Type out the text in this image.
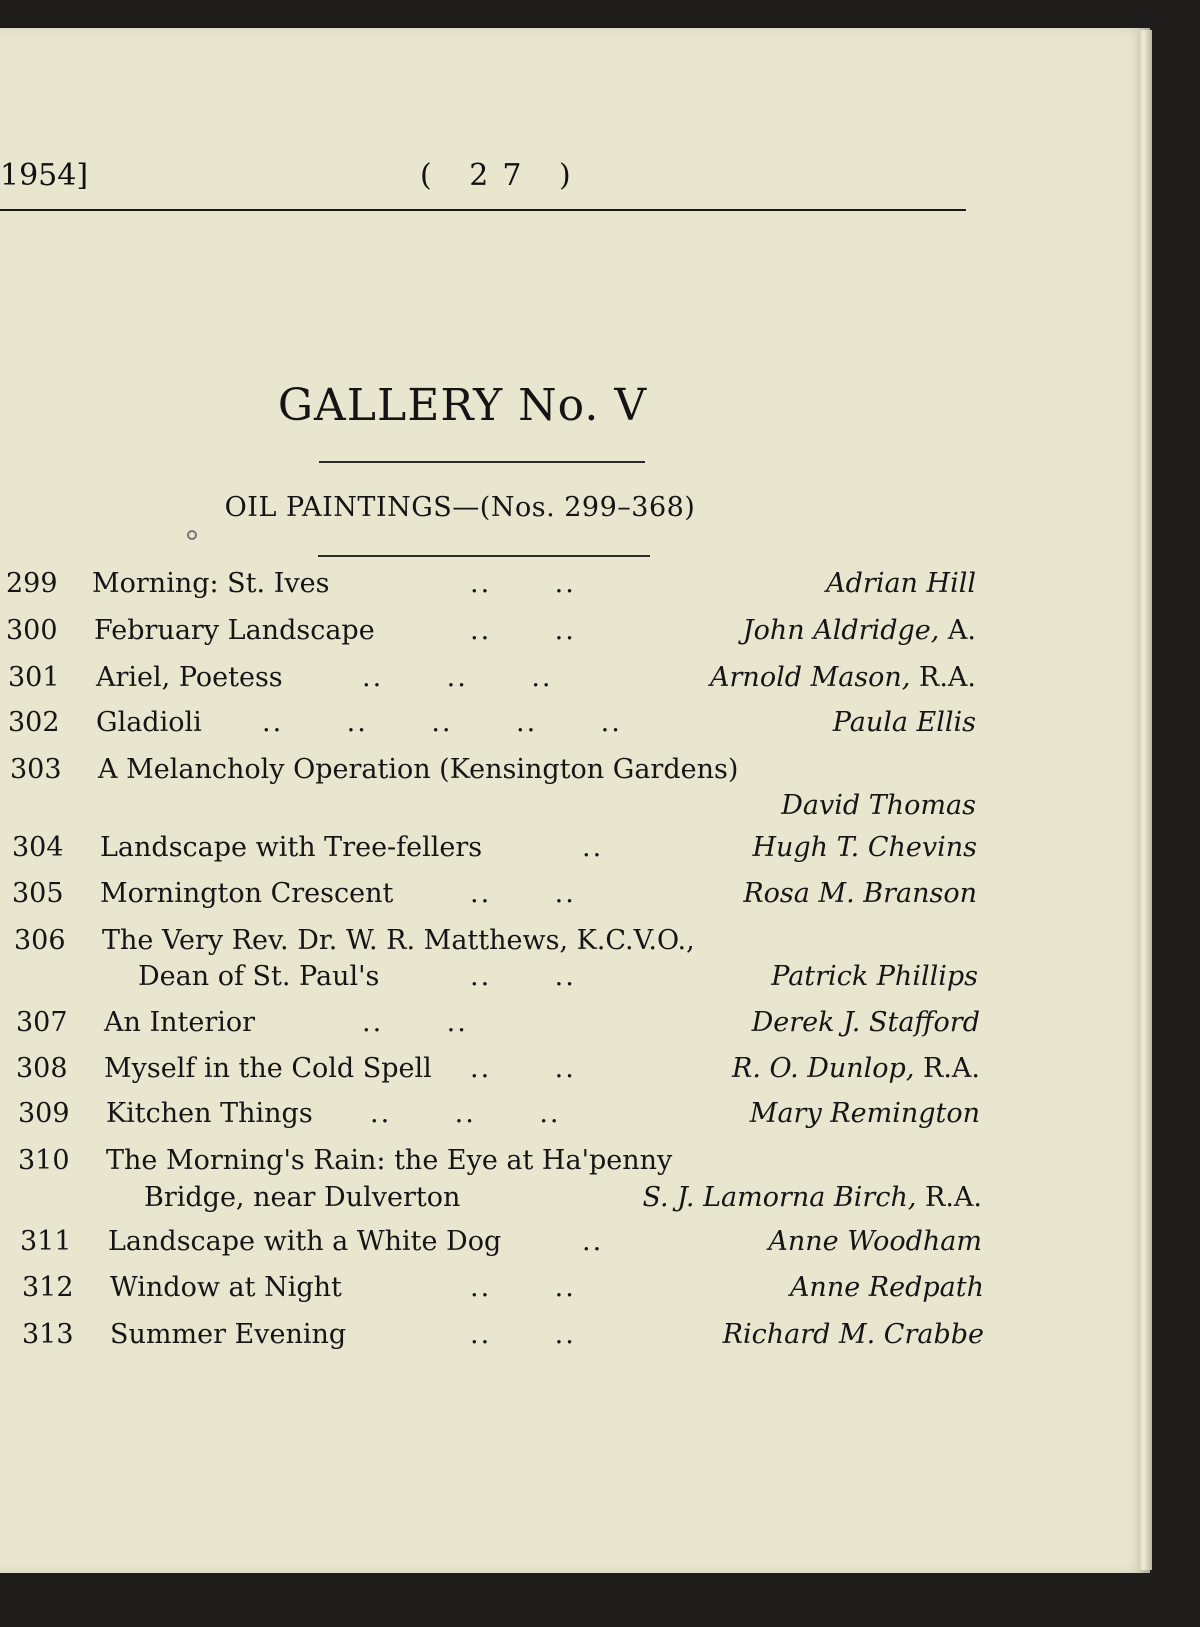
1954]	( 27 )
GALLERY No. V
OIL PAINTINGS—(Nos. 299–368)
299 Morning: St. Ives	..      ..	Adrian Hill
300 February Landscape	..      ..	John Aldridge, A.
301 Ariel, Poetess	..      ..      ..	Arnold Mason, R.A.
302 Gladioli ..      ..      ..      ..      ..	Paula Ellis
303 A Melancholy Operation (Kensington Gardens)
David Thomas
304 Landscape with Tree-fellers	..	Hugh T. Chevins
305 Mornington Crescent	..      ..	Rosa M. Branson
306 The Very Rev. Dr. W. R. Matthews, K.C.V.O.,
Dean of St. Paul's	..      ..	Patrick Phillips
307 An Interior	..      ..	Derek J. Stafford
308 Myself in the Cold Spell ..      ..	R. O. Dunlop, R.A.
309 Kitchen Things ..      ..      ..	Mary Remington
310 The Morning's Rain: the Eye at Ha'penny
Bridge, near Dulverton	S. J. Lamorna Birch, R.A.
311 Landscape with a White Dog	..	Anne Woodham
312 Window at Night	..      ..	Anne Redpath
313 Summer Evening	..      ..	Richard M. Crabbe
